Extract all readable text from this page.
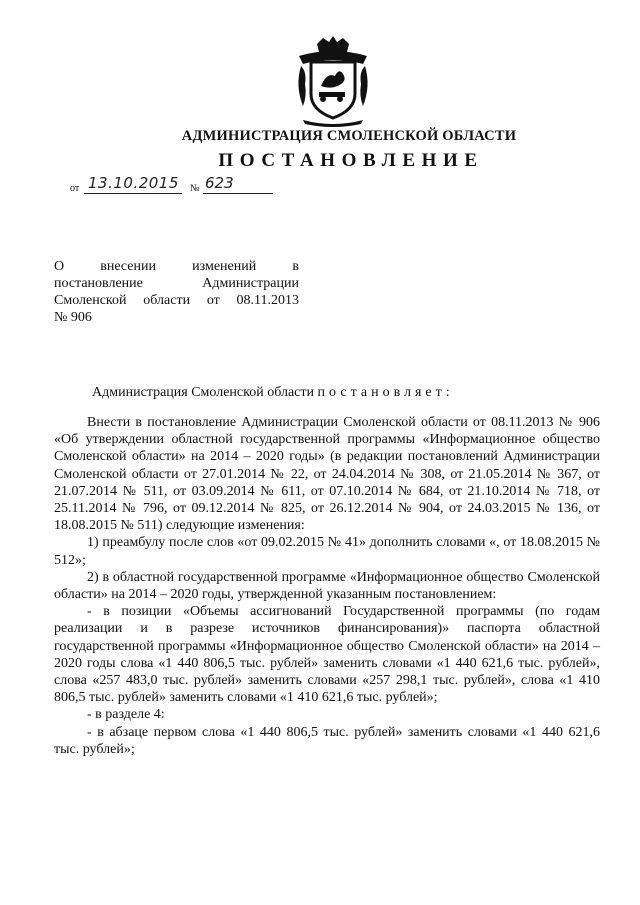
АДМИНИСТРАЦИЯ СМОЛЕНСКОЙ ОБЛАСТИ
ПОСТАНОВЛЕНИЕ
от 13.10.2015	№ 623
О внесении изменений в
постановление Администрации
Смоленской области от 08.11.2013
№ 906
Администрация Смоленской области постановляет:
Внести в постановление Администрации Смоленской области от 08.11.2013 № 906 «Об утверждении областной государственной программы «Информационное общество Смоленской области» на 2014 – 2020 годы» (в редакции постановлений Администрации Смоленской области от 27.01.2014 № 22, от 24.04.2014 № 308, от 21.05.2014 № 367, от 21.07.2014 № 511, от 03.09.2014 № 611, от 07.10.2014 № 684, от 21.10.2014 № 718, от 25.11.2014 № 796, от 09.12.2014 № 825, от 26.12.2014 № 904, от 24.03.2015 № 136, от 18.08.2015 № 511) следующие изменения:
1) преамбулу после слов «от 09.02.2015 № 41» дополнить словами «, от 18.08.2015 № 512»;
2) в областной государственной программе «Информационное общество Смоленской области» на 2014 – 2020 годы, утвержденной указанным постановлением:
- в позиции «Объемы ассигнований Государственной программы (по годам реализации и в разрезе источников финансирования)» паспорта областной государственной программы «Информационное общество Смоленской области» на 2014 – 2020 годы слова «1 440 806,5 тыс. рублей» заменить словами «1 440 621,6 тыс. рублей», слова «257 483,0 тыс. рублей» заменить словами «257 298,1 тыс. рублей», слова «1 410 806,5 тыс. рублей» заменить словами «1 410 621,6 тыс. рублей»;
- в разделе 4:
- в абзаце первом слова «1 440 806,5 тыс. рублей» заменить словами «1 440 621,6 тыс. рублей»;
